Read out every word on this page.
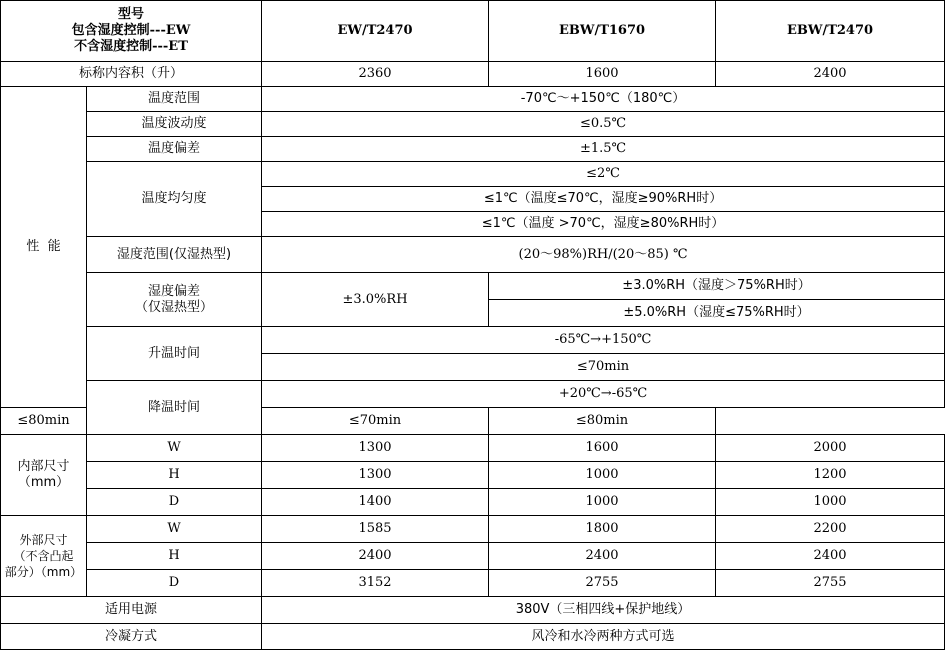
型号
包含湿度控制---EW
不含湿度控制---ET		EW/T2470	EBW/T1670	EBW/T2470
标称内容积（升）		2360	1600	2400
性  能	温度范围	-70℃～+150℃（180℃）		
	温度波动度	≤0.5℃		
	温度偏差	±1.5℃		
	温度均匀度	≤2℃		
		≤1℃（温度≤70℃，湿度≥90%RH时）		
		≤1℃（温度 >70℃，湿度≥80%RH时）		
	湿度范围(仅湿热型)	(20～98%)RH/(20～85) ℃		

	湿度偏差
（仅湿热型）	±3.0%RH	±3.0%RH（湿度＞75%RH时）	
			±5.0%RH（湿度≤75%RH时）	
	升温时间	-65℃→+150℃		
		≤70min		
	降温时间	+20℃→-65℃		
≤80min		≤70min	≤80min	

内部尺寸
（mm）	W	1300	1600	2000
	H	1300	1000	1200
	D	1400	1000	1000

外部尺寸
（不含凸起
部分）（mm）	W	1585	1800	2200
	H	2400	2400	2400
	D	3152	2755	2755
适用电源		380V（三相四线+保护地线）		
冷凝方式		风冷和水冷两种方式可选		
